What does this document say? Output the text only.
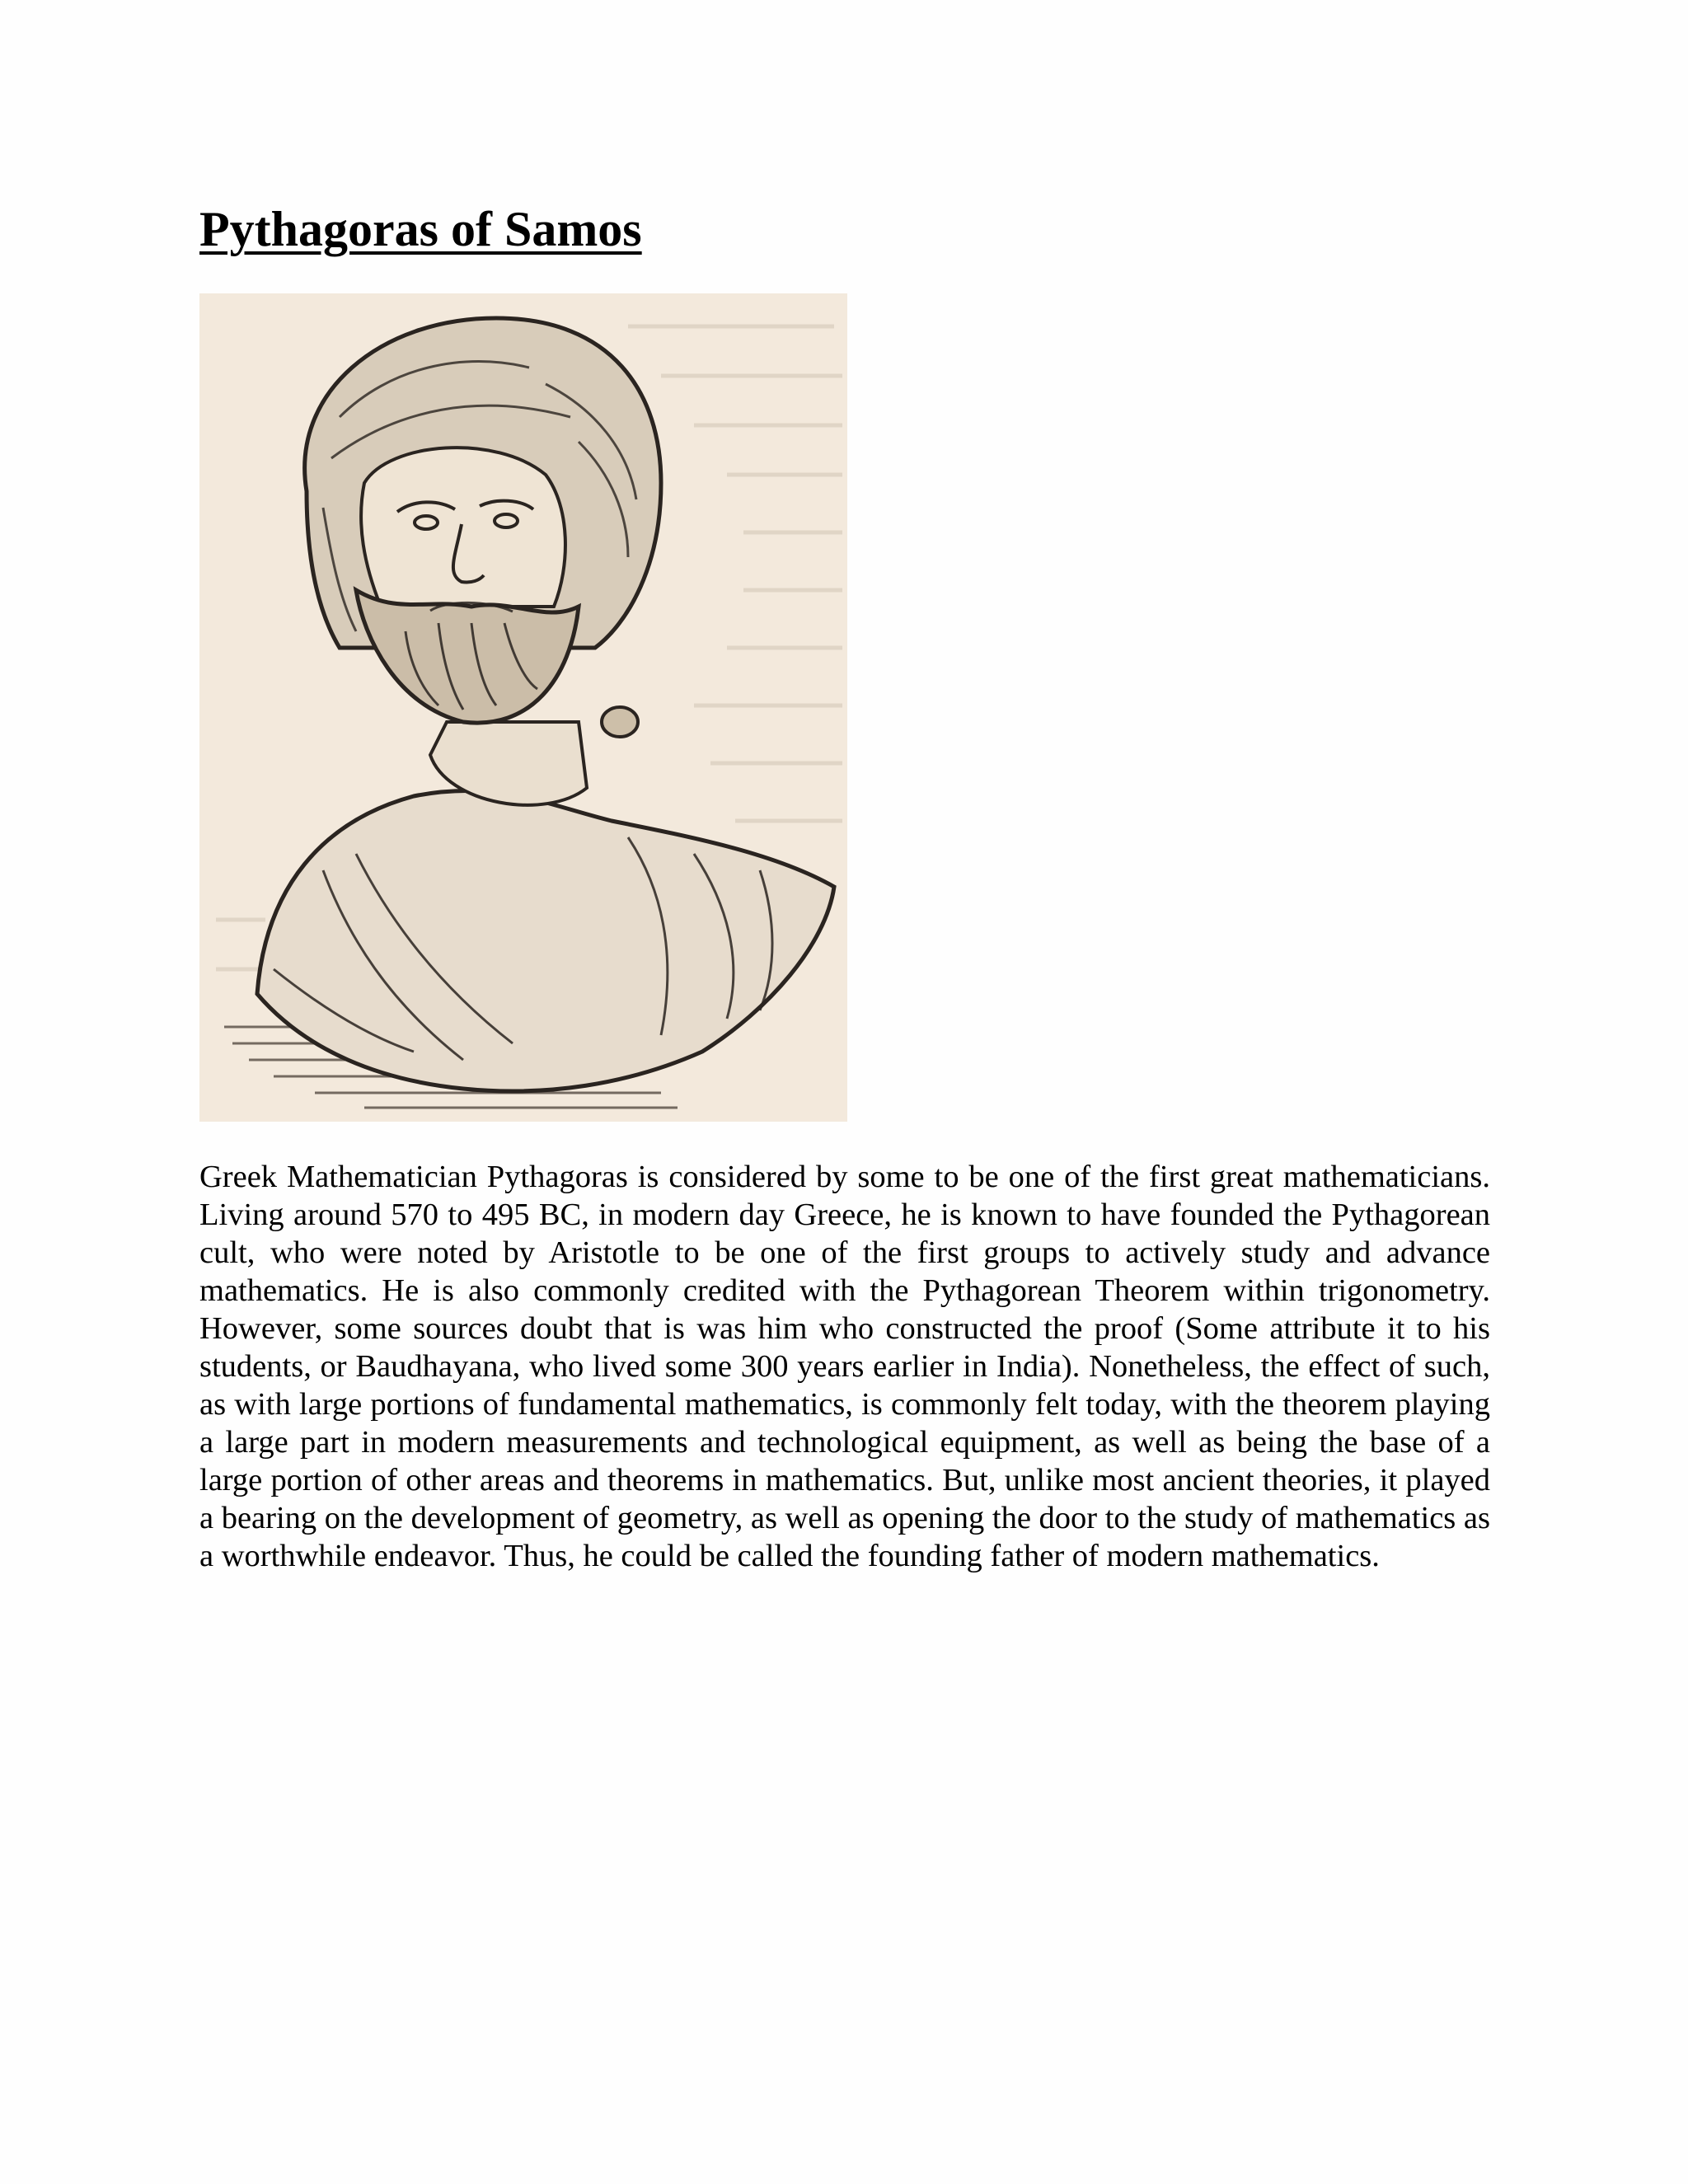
Pythagoras of Samos

Greek Mathematician Pythagoras is considered by some to be one of the first great mathematicians. Living around 570 to 495 BC, in modern day Greece, he is known to have founded the Pythagorean cult, who were noted by Aristotle to be one of the first groups to actively study and advance mathematics. He is also commonly credited with the Pythagorean Theorem within trigonometry. However, some sources doubt that is was him who constructed the proof (Some attribute it to his students, or Baudhayana, who lived some 300 years earlier in India). Nonetheless, the effect of such, as with large portions of fundamental mathematics, is commonly felt today, with the theorem playing a large part in modern measurements and technological equipment, as well as being the base of a large portion of other areas and theorems in mathematics. But, unlike most ancient theories, it played a bearing on the development of geometry, as well as opening the door to the study of mathematics as a worthwhile endeavor. Thus, he could be called the founding father of modern mathematics.
